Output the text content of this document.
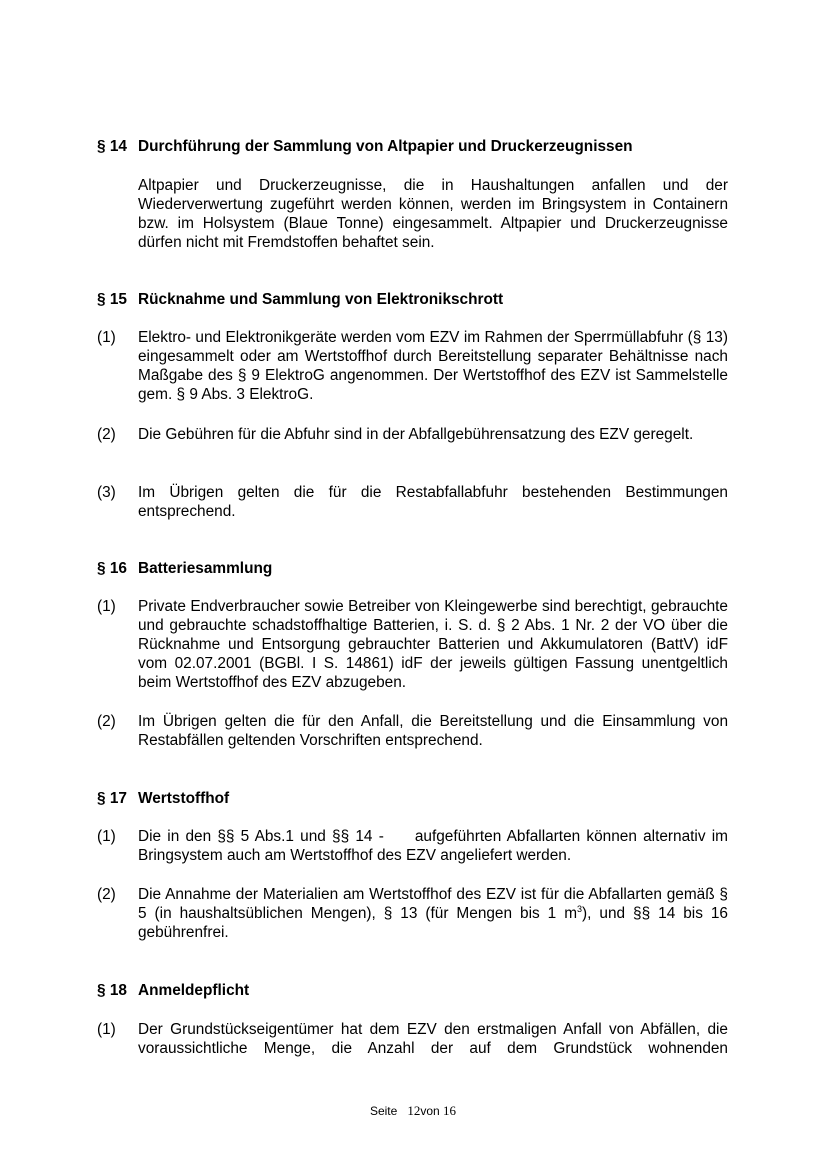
§ 14 Durchführung der Sammlung von Altpapier und Druckerzeugnissen
Altpapier und Druckerzeugnisse, die in Haushaltungen anfallen und der Wiederverwertung zugeführt werden können, werden im Bringsystem in Containern bzw. im Holsystem (Blaue Tonne) eingesammelt. Altpapier und Druckerzeugnisse dürfen nicht mit Fremdstoffen behaftet sein.
§ 15 Rücknahme und Sammlung von Elektronikschrott
(1) Elektro- und Elektronikgeräte werden vom EZV im Rahmen der Sperrmüllabfuhr (§ 13) eingesammelt oder am Wertstoffhof durch Bereitstellung separater Behältnisse nach Maßgabe des § 9 ElektroG angenommen. Der Wertstoffhof des EZV ist Sammelstelle gem. § 9 Abs. 3 ElektroG.
(2) Die Gebühren für die Abfuhr sind in der Abfallgebührensatzung des EZV geregelt.
(3) Im Übrigen gelten die für die Restabfallabfuhr bestehenden Bestimmungen entsprechend.
§ 16 Batteriesammlung
(1) Private Endverbraucher sowie Betreiber von Kleingewerbe sind berechtigt, gebrauchte und gebrauchte schadstoffhaltige Batterien, i. S. d. § 2 Abs. 1 Nr. 2 der VO über die Rücknahme und Entsorgung gebrauchter Batterien und Akkumulatoren (BattV) idF vom 02.07.2001 (BGBl. I S. 14861) idF der jeweils gültigen Fassung unentgeltlich beim Wertstoffhof des EZV abzugeben.
(2) Im Übrigen gelten die für den Anfall, die Bereitstellung und die Einsammlung von Restabfällen geltenden Vorschriften entsprechend.
§ 17 Wertstoffhof
(1) Die in den §§ 5 Abs.1 und §§ 14 -     aufgeführten Abfallarten können alternativ im Bringsystem auch am Wertstoffhof des EZV angeliefert werden.
(2) Die Annahme der Materialien am Wertstoffhof des EZV ist für die Abfallarten gemäß § 5 (in haushaltsüblichen Mengen), § 13 (für Mengen bis 1 $m^3$), und §§ 14 bis 16 gebührenfrei.
§ 18 Anmeldepflicht
(1) Der Grundstückseigentümer hat dem EZV den erstmaligen Anfall von Abfällen, die voraussichtliche Menge, die Anzahl der auf dem Grundstück wohnenden
Seite 12von 16
